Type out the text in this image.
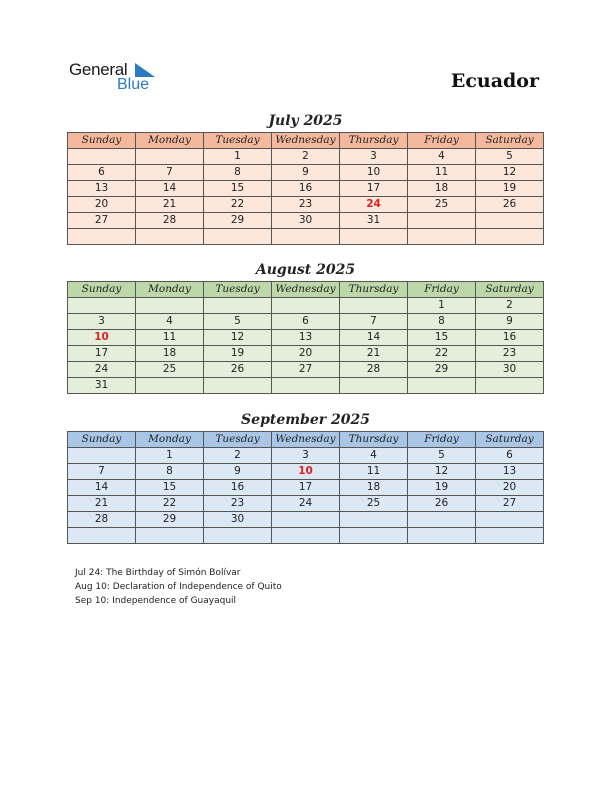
General
Blue	Ecuador
July 2025
Sunday	Monday	Tuesday	Wednesday	Thursday	Friday	Saturday
		1	2	3	4	5
6	7	8	9	10	11	12
13	14	15	16	17	18	19
20	21	22	23	24	25	26
27	28	29	30	31		

August 2025
Sunday	Monday	Tuesday	Wednesday	Thursday	Friday	Saturday
					1	2
3	4	5	6	7	8	9
10	11	12	13	14	15	16
17	18	19	20	21	22	23
24	25	26	27	28	29	30
31						
September 2025
Sunday	Monday	Tuesday	Wednesday	Thursday	Friday	Saturday
	1	2	3	4	5	6
7	8	9	10	11	12	13
14	15	16	17	18	19	20
21	22	23	24	25	26	27
28	29	30				

Jul 24: The Birthday of Simón Bolívar
Aug 10: Declaration of Independence of Quito
Sep 10: Independence of Guayaquil
